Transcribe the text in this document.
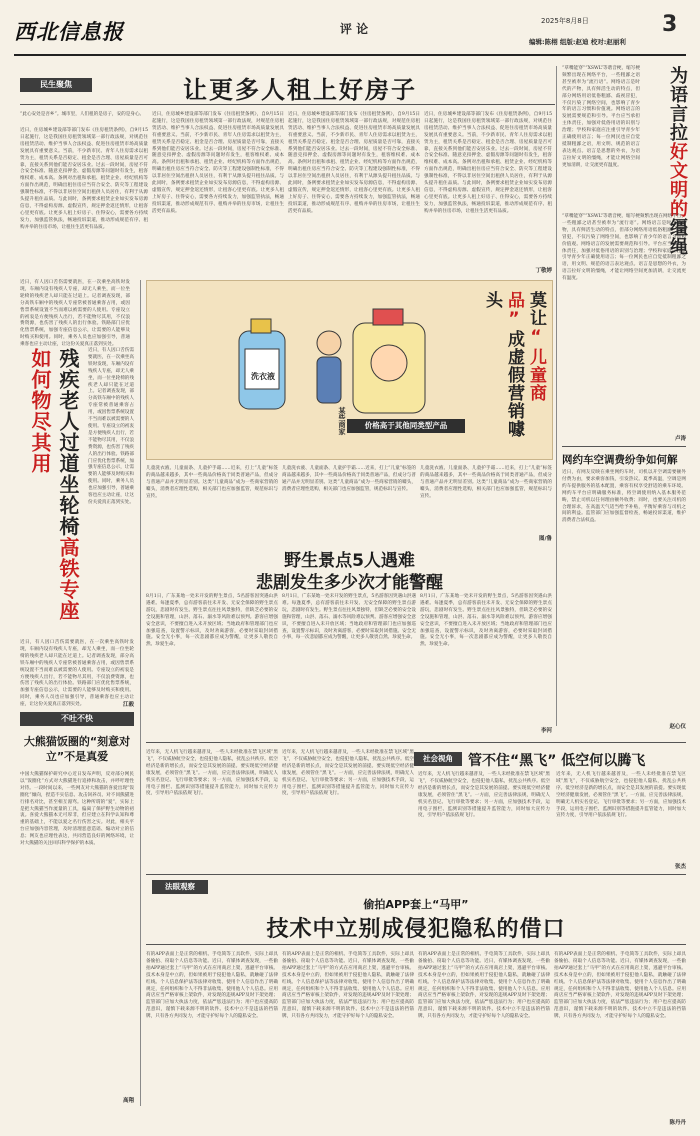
西北信息报	评 论
2025年8月8日	3
编辑:陈栩 组版:赵迪 校对:赵丽利
民生聚焦	让更多人租上好房子
“此心安处是吾乡”。城市里，人们租的是房子，安的是身心。
近日，住房城乡建设部等部门发布《住房租赁条例》，自9月15日起施行，这是我国住房租赁领域第一部行政法规，对规范住房租赁活动、维护当事人合法权益、促进住房租赁市场高质量发展具有重要意义。当前，不少新市民、青年人住房需求以租赁为主，租赁关系是否稳定、租金是否合理、房屋质量是否可靠，直接关系到他们能否安居乐业。过去一段时间，房屋不符合安全标准、随意克扣押金、虚假房源等问题时有发生，租客维权难、成本高。条例对出租和承租、租赁企业、经纪机构等方面作出规范，明确出租住房应当符合安全、防灾等工程建设强制性标准，不得以非居住空间出租供人员居住，有利于从源头提升租住品质。与此同时，条例要求租赁企业如实发布房源信息，不得虚构房源、虚假宣传，规定押金返还情形，让租客心里更有底。让更多人租上好房子、住得安心，需要各方持续发力，加强监管执法，畅通投诉渠道，推动形成规范有序、租购并举的住房市场，让租住生活更有品质。
近日，住房城乡建设部等部门发布《住房租赁条例》，自9月15日起施行，这是我国住房租赁领域第一部行政法规，对规范住房租赁活动、维护当事人合法权益、促进住房租赁市场高质量发展具有重要意义。当前，不少新市民、青年人住房需求以租赁为主，租赁关系是否稳定、租金是否合理、房屋质量是否可靠，直接关系到他们能否安居乐业。过去一段时间，房屋不符合安全标准、随意克扣押金、虚假房源等问题时有发生，租客维权难、成本高。条例对出租和承租、租赁企业、经纪机构等方面作出规范，明确出租住房应当符合安全、防灾等工程建设强制性标准，不得以非居住空间出租供人员居住，有利于从源头提升租住品质。与此同时，条例要求租赁企业如实发布房源信息，不得虚构房源、虚假宣传，规定押金返还情形，让租客心里更有底。让更多人租上好房子、住得安心，需要各方持续发力，加强监管执法，畅通投诉渠道，推动形成规范有序、租购并举的住房市场，让租住生活更有品质。
近日，住房城乡建设部等部门发布《住房租赁条例》，自9月15日起施行，这是我国住房租赁领域第一部行政法规，对规范住房租赁活动、维护当事人合法权益、促进住房租赁市场高质量发展具有重要意义。当前，不少新市民、青年人住房需求以租赁为主，租赁关系是否稳定、租金是否合理、房屋质量是否可靠，直接关系到他们能否安居乐业。过去一段时间，房屋不符合安全标准、随意克扣押金、虚假房源等问题时有发生，租客维权难、成本高。条例对出租和承租、租赁企业、经纪机构等方面作出规范，明确出租住房应当符合安全、防灾等工程建设强制性标准，不得以非居住空间出租供人员居住，有利于从源头提升租住品质。与此同时，条例要求租赁企业如实发布房源信息，不得虚构房源、虚假宣传，规定押金返还情形，让租客心里更有底。让更多人租上好房子、住得安心，需要各方持续发力，加强监管执法，畅通投诉渠道，推动形成规范有序、租购并举的住房市场，让租住生活更有品质。
近日，住房城乡建设部等部门发布《住房租赁条例》，自9月15日起施行，这是我国住房租赁领域第一部行政法规，对规范住房租赁活动、维护当事人合法权益、促进住房租赁市场高质量发展具有重要意义。当前，不少新市民、青年人住房需求以租赁为主，租赁关系是否稳定、租金是否合理、房屋质量是否可靠，直接关系到他们能否安居乐业。过去一段时间，房屋不符合安全标准、随意克扣押金、虚假房源等问题时有发生，租客维权难、成本高。条例对出租和承租、租赁企业、经纪机构等方面作出规范，明确出租住房应当符合安全、防灾等工程建设强制性标准，不得以非居住空间出租供人员居住，有利于从源头提升租住品质。与此同时，条例要求租赁企业如实发布房源信息，不得虚构房源、虚假宣传，规定押金返还情形，让租客心里更有底。让更多人租上好房子、住得安心，需要各方持续发力，加强监管执法，畅通投诉渠道，推动形成规范有序、租购并举的住房市场，让租住生活更有品质。
丁敬婷
近日，有人因口舌伤需要就医，在一次乘坐高铁时发现，车厢内设有残疾人专座，却无人乘坐，而一位坐轮椅的残疾老人却只能在过道上。记者调查发现，部分高铁车厢中的残疾人专座常被普通乘客占用，或因售票系统设置不当而难以被需要的人使用。专座设立的初衷是方便残疾人出行，若不能物尽其用，不仅浪费资源，也伤害了残疾人的出行体验。铁路部门应优化售票系统，加强专座信息公示，让需要的人能够及时购买和使用。同时，乘务人员也应加强引导，普通乘客也应主动让座，让这份关爱真正落到实处。
残疾老人过道坐轮椅高铁专座如何物尽其用	近日，有人因口舌伤需要就医，在一次乘坐高铁时发现，车厢内设有残疾人专座，却无人乘坐，而一位坐轮椅的残疾老人却只能在过道上。记者调查发现，部分高铁车厢中的残疾人专座常被普通乘客占用，或因售票系统设置不当而难以被需要的人使用。专座设立的初衷是方便残疾人出行，若不能物尽其用，不仅浪费资源，也伤害了残疾人的出行体验。铁路部门应优化售票系统，加强专座信息公示，让需要的人能够及时购买和使用。同时，乘务人员也应加强引导，普通乘客也应主动让座，让这份关爱真正落到实处。
近日，有人因口舌伤需要就医，在一次乘坐高铁时发现，车厢内设有残疾人专座，却无人乘坐，而一位坐轮椅的残疾老人却只能在过道上。记者调查发现，部分高铁车厢中的残疾人专座常被普通乘客占用，或因售票系统设置不当而难以被需要的人使用。专座设立的初衷是方便残疾人出行，若不能物尽其用，不仅浪费资源，也伤害了残疾人的出行体验。铁路部门应优化售票系统，加强专座信息公示，让需要的人能够及时购买和使用。同时，乘务人员也应加强引导，普通乘客也应主动让座，让这份关爱真正落到实处。	江毅
洗衣液
某些商家	价格高于其他同类型产品
莫让“儿童商品”成虚假营销噱头
儿童洗衣液、儿童面条、儿童护手霜……近来，打上“儿童”标签的商品越来越多，其中一些商品价格高于同类普通产品，但成分与普通产品并无明显差别。这类“儿童商品”成为一些商家营销的噱头，消费者应理性选购，相关部门也应加强监管，规范标识与宣传。
儿童洗衣液、儿童面条、儿童护手霜……近来，打上“儿童”标签的商品越来越多，其中一些商品价格高于同类普通产品，但成分与普通产品并无明显差别。这类“儿童商品”成为一些商家营销的噱头，消费者应理性选购，相关部门也应加强监管，规范标识与宣传。
儿童洗衣液、儿童面条、儿童护手霜……近来，打上“儿童”标签的商品越来越多，其中一些商品价格高于同类普通产品，但成分与普通产品并无明显差别。这类“儿童商品”成为一些商家营销的噱头，消费者应理性选购，相关部门也应加强监管，规范标识与宣传。
图/鲁
野生景点5人遇难
悲剧发生多少次才能警醒
8月1日，广东某地一处未开发的野生景点，5名游客因突遇山洪遇难。每逢夏季，总有游客前往未开发、无安全保障的野生景点游玩，悲剧时有发生。野生景点往往风景独特，但缺乏必要的安全设施和管理，山洪、落石、溺水等风险难以预判。游客应增强安全意识，不要擅自进入未开放区域；当地政府和管理部门也应加强巡查，设置警示标识，及时劝离游客，必要时采取封闭措施。安全无小事，每一次悲剧都应成为警醒，让更多人敬畏自然、珍爱生命。
8月1日，广东某地一处未开发的野生景点，5名游客因突遇山洪遇难。每逢夏季，总有游客前往未开发、无安全保障的野生景点游玩，悲剧时有发生。野生景点往往风景独特，但缺乏必要的安全设施和管理，山洪、落石、溺水等风险难以预判。游客应增强安全意识，不要擅自进入未开放区域；当地政府和管理部门也应加强巡查，设置警示标识，及时劝离游客，必要时采取封闭措施。安全无小事，每一次悲剧都应成为警醒，让更多人敬畏自然、珍爱生命。
8月1日，广东某地一处未开发的野生景点，5名游客因突遇山洪遇难。每逢夏季，总有游客前往未开发、无安全保障的野生景点游玩，悲剧时有发生。野生景点往往风景独特，但缺乏必要的安全设施和管理，山洪、落石、溺水等风险难以预判。游客应增强安全意识，不要擅自进入未开放区域；当地政府和管理部门也应加强巡查，设置警示标识，及时劝离游客，必要时采取封闭措施。安全无小事，每一次悲剧都应成为警醒，让更多人敬畏自然、珍爱生命。
李河
“草嘴能穿”“XSWL”等谐音梗、缩写梗频繁出现在网络平台，一些粗鄙之语甚至被奉为“流行语”。网络语言是时代的产物，具有鲜活生动的特点，但部分网络用语低俗粗鄙、歧视冒犯，不仅污染了网络空间，也影响了青少年的语言习惯和价值观。网络语言的发展需要规范和引导。平台应当承担主体责任，加强对低俗用语的识别与治理；学校和家庭应注重引导青少年正确使用语言；每一位网民也应自觉抵制粗鄙之语，用文明、规范的语言表达观点。语言是思想的外衣，为语言拉好文明的缰绳，才能让网络空间更加清朗，让交流更有温度。
为语言拉好文明的缰绳
“草嘴能穿”“XSWL”等谐音梗、缩写梗频繁出现在网络平台，一些粗鄙之语甚至被奉为“流行语”。网络语言是时代的产物，具有鲜活生动的特点，但部分网络用语低俗粗鄙、歧视冒犯，不仅污染了网络空间，也影响了青少年的语言习惯和价值观。网络语言的发展需要规范和引导。平台应当承担主体责任，加强对低俗用语的识别与治理；学校和家庭应注重引导青少年正确使用语言；每一位网民也应自觉抵制粗鄙之语，用文明、规范的语言表达观点。语言是思想的外衣，为语言拉好文明的缰绳，才能让网络空间更加清朗，让交流更有温度。
卢涛
网约车空调费纷争如何解
近日，有网友反映在乘坐网约车时，司机以开空调需要额外付费为由，要求乘客加钱，引发热议。夏季高温，空调是网约车提供服务的基本配置，乘客有权享受舒适的乘车环境。网约车平台应明确服务标准，将空调使用纳入基本服务范畴，禁止司机以任何理由额外收费；同时，也要关注司机的合理诉求，在高温天气适当给予补贴，平衡好乘客与司机之间的利益。监管部门应加强监督检查，畅通投诉渠道，维护消费者合法权益。
赵心仪
不吐不快
大熊猫饭圈的“刻意对立”不是真爱
中国大熊猫保护研究中心近日发布声明，反对部分网民以“饭圈化”方式对大熊猫进行追捧和攻击，并呼吁理性对待。一段时间以来，一些网友对大熊猫的喜爱出现“饭圈化”倾向，捏造不实信息、攻击饲养员、对不同熊猫进行排名对比，甚至相互谩骂。这种所谓的“爱”，实际上是把大熊猫当作流量的工具，偏离了保护野生动物的初衷。喜爱大熊猫本无可厚非，但应建立在科学认知和尊重的基础上，不能以爱之名行伤害之实。对此，相关平台应加强内容管理，及时清理恶意造谣、煽动对立的信息；网友也应理性表达，共同营造良好的网络环境，让对大熊猫的关注回归科学保护的本质。
高翔
近年来，无人机飞行越来越普及，一些人未经批准在禁飞区域“黑飞”，不仅威胁航空安全，也侵犯他人隐私，扰乱公共秩序。低空经济是新的增长点，而安全是其发展的前提。要实现低空经济健康发展，必须管住“黑飞”。一方面，应完善法律法规，明确无人机实名登记、飞行审批等要求；另一方面，应加强技术手段，运用电子围栏、监测识别等措施提升监管能力，同时加大宣传力度，引导用户依法依规飞行。
近年来，无人机飞行越来越普及，一些人未经批准在禁飞区域“黑飞”，不仅威胁航空安全，也侵犯他人隐私，扰乱公共秩序。低空经济是新的增长点，而安全是其发展的前提。要实现低空经济健康发展，必须管住“黑飞”。一方面，应完善法律法规，明确无人机实名登记、飞行审批等要求；另一方面，应加强技术手段，运用电子围栏、监测识别等措施提升监管能力，同时加大宣传力度，引导用户依法依规飞行。
社会视角	管不住“黑飞” 低空何以腾飞
近年来，无人机飞行越来越普及，一些人未经批准在禁飞区域“黑飞”，不仅威胁航空安全，也侵犯他人隐私，扰乱公共秩序。低空经济是新的增长点，而安全是其发展的前提。要实现低空经济健康发展，必须管住“黑飞”。一方面，应完善法律法规，明确无人机实名登记、飞行审批等要求；另一方面，应加强技术手段，运用电子围栏、监测识别等措施提升监管能力，同时加大宣传力度，引导用户依法依规飞行。
近年来，无人机飞行越来越普及，一些人未经批准在禁飞区域“黑飞”，不仅威胁航空安全，也侵犯他人隐私，扰乱公共秩序。低空经济是新的增长点，而安全是其发展的前提。要实现低空经济健康发展，必须管住“黑飞”。一方面，应完善法律法规，明确无人机实名登记、飞行审批等要求；另一方面，应加强技术手段，运用电子围栏、监测识别等措施提升监管能力，同时加大宣传力度，引导用户依法依规飞行。
张杰
法眼观察
偷拍APP套上“马甲”
技术中立别成侵犯隐私的借口
有的APP表面上是正常的相机、手电筒等工具软件，实际上却具备偷拍、窃取个人信息等功能。近日，有媒体调查发现，一些偷拍APP通过套上“马甲”的方式在应用商店上架，逃避平台审核。技术本身是中立的，但如果被用于侵犯他人隐私，就触碰了法律红线。个人信息保护法等法律对收集、使用个人信息作出了明确规定，任何组织和个人不得非法收集、使用他人个人信息。应用商店应当严格审核上架软件，对发现的违规APP及时下架处理；监管部门应加大执法力度，依法严惩违法行为；用户也应提高防范意识，谨慎下载来源不明的软件。技术中立不是违法的挡箭牌，只有各方共同发力，才能守护好每个人的隐私安全。
有的APP表面上是正常的相机、手电筒等工具软件，实际上却具备偷拍、窃取个人信息等功能。近日，有媒体调查发现，一些偷拍APP通过套上“马甲”的方式在应用商店上架，逃避平台审核。技术本身是中立的，但如果被用于侵犯他人隐私，就触碰了法律红线。个人信息保护法等法律对收集、使用个人信息作出了明确规定，任何组织和个人不得非法收集、使用他人个人信息。应用商店应当严格审核上架软件，对发现的违规APP及时下架处理；监管部门应加大执法力度，依法严惩违法行为；用户也应提高防范意识，谨慎下载来源不明的软件。技术中立不是违法的挡箭牌，只有各方共同发力，才能守护好每个人的隐私安全。
有的APP表面上是正常的相机、手电筒等工具软件，实际上却具备偷拍、窃取个人信息等功能。近日，有媒体调查发现，一些偷拍APP通过套上“马甲”的方式在应用商店上架，逃避平台审核。技术本身是中立的，但如果被用于侵犯他人隐私，就触碰了法律红线。个人信息保护法等法律对收集、使用个人信息作出了明确规定，任何组织和个人不得非法收集、使用他人个人信息。应用商店应当严格审核上架软件，对发现的违规APP及时下架处理；监管部门应加大执法力度，依法严惩违法行为；用户也应提高防范意识，谨慎下载来源不明的软件。技术中立不是违法的挡箭牌，只有各方共同发力，才能守护好每个人的隐私安全。
有的APP表面上是正常的相机、手电筒等工具软件，实际上却具备偷拍、窃取个人信息等功能。近日，有媒体调查发现，一些偷拍APP通过套上“马甲”的方式在应用商店上架，逃避平台审核。技术本身是中立的，但如果被用于侵犯他人隐私，就触碰了法律红线。个人信息保护法等法律对收集、使用个人信息作出了明确规定，任何组织和个人不得非法收集、使用他人个人信息。应用商店应当严格审核上架软件，对发现的违规APP及时下架处理；监管部门应加大执法力度，依法严惩违法行为；用户也应提高防范意识，谨慎下载来源不明的软件。技术中立不是违法的挡箭牌，只有各方共同发力，才能守护好每个人的隐私安全。
陈丹丹
